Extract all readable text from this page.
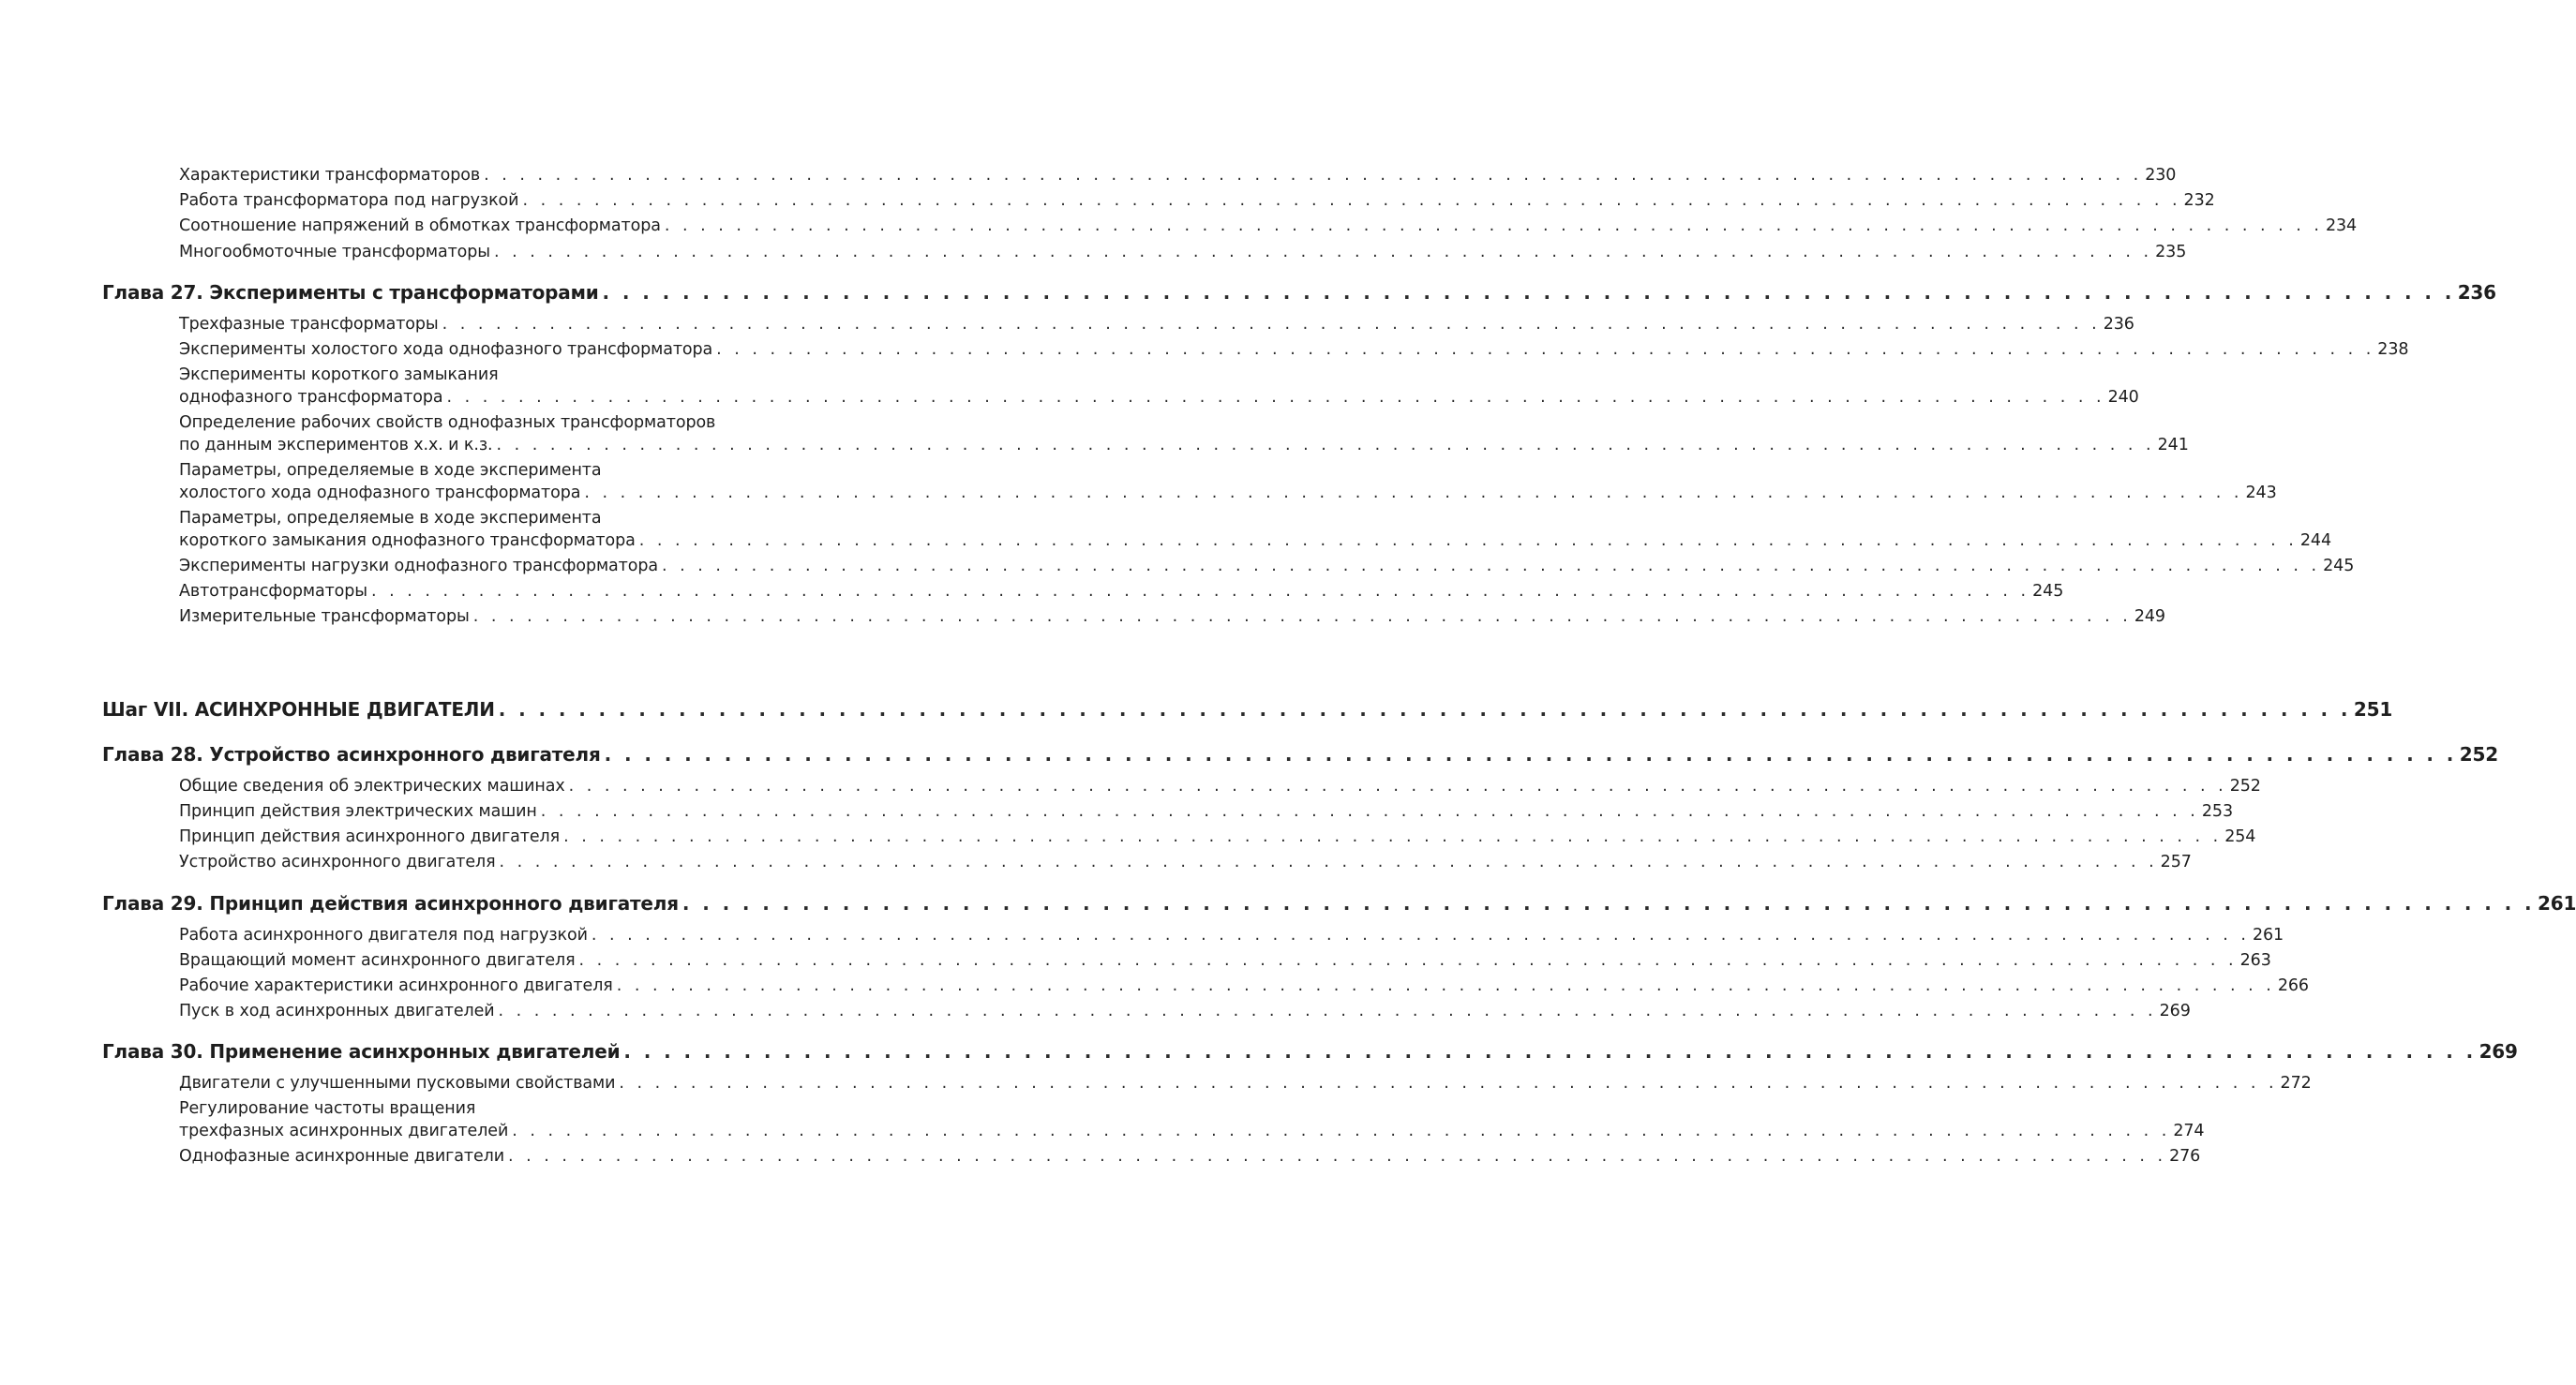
Характеристики трансформаторов . . . . . . . . . . . . . . . . . . . . . . . . . . . . . . . . . . . . . . . . . . . . . . . . . . . . . . . . . . . . . . . . . . . . . . . . . . . . . . . . . . . . . . . . . . . . . 230
Работа трансформатора под нагрузкой . . . . . . . . . . . . . . . . . . . . . . . . . . . . . . . . . . . . . . . . . . . . . . . . . . . . . . . . . . . . . . . . . . . . . . . . . . . . . . . . . . . . . . . . . . . . . 232
Соотношение напряжений в обмотках трансформатора . . . . . . . . . . . . . . . . . . . . . . . . . . . . . . . . . . . . . . . . . . . . . . . . . . . . . . . . . . . . . . . . . . . . . . . . . . . . . . . . . . . . . . . . . . . . . 234
Многообмоточные трансформаторы . . . . . . . . . . . . . . . . . . . . . . . . . . . . . . . . . . . . . . . . . . . . . . . . . . . . . . . . . . . . . . . . . . . . . . . . . . . . . . . . . . . . . . . . . . . . . 235
Глава 27. Эксперименты с трансформаторами . . . . . . . . . . . . . . . . . . . . . . . . . . . . . . . . . . . . . . . . . . . . . . . . . . . . . . . . . . . . . . . . . . . . . . . . . . . . . . . . . . . . . . . . . . . . . 236
Трехфазные трансформаторы . . . . . . . . . . . . . . . . . . . . . . . . . . . . . . . . . . . . . . . . . . . . . . . . . . . . . . . . . . . . . . . . . . . . . . . . . . . . . . . . . . . . . . . . . . . . . 236
Эксперименты холостого хода однофазного трансформатора . . . . . . . . . . . . . . . . . . . . . . . . . . . . . . . . . . . . . . . . . . . . . . . . . . . . . . . . . . . . . . . . . . . . . . . . . . . . . . . . . . . . . . . . . . . . . 238
Эксперименты короткого замыкания
однофазного трансформатора . . . . . . . . . . . . . . . . . . . . . . . . . . . . . . . . . . . . . . . . . . . . . . . . . . . . . . . . . . . . . . . . . . . . . . . . . . . . . . . . . . . . . . . . . . . . . 240
Определение рабочих свойств однофазных трансформаторов
по данным экспериментов х.х. и к.з. . . . . . . . . . . . . . . . . . . . . . . . . . . . . . . . . . . . . . . . . . . . . . . . . . . . . . . . . . . . . . . . . . . . . . . . . . . . . . . . . . . . . . . . . . . . . . 241
Параметры, определяемые в ходе эксперимента
холостого хода однофазного трансформатора . . . . . . . . . . . . . . . . . . . . . . . . . . . . . . . . . . . . . . . . . . . . . . . . . . . . . . . . . . . . . . . . . . . . . . . . . . . . . . . . . . . . . . . . . . . . . 243
Параметры, определяемые в ходе эксперимента
короткого замыкания однофазного трансформатора . . . . . . . . . . . . . . . . . . . . . . . . . . . . . . . . . . . . . . . . . . . . . . . . . . . . . . . . . . . . . . . . . . . . . . . . . . . . . . . . . . . . . . . . . . . . . 244
Эксперименты нагрузки однофазного трансформатора . . . . . . . . . . . . . . . . . . . . . . . . . . . . . . . . . . . . . . . . . . . . . . . . . . . . . . . . . . . . . . . . . . . . . . . . . . . . . . . . . . . . . . . . . . . . . 245
Автотрансформаторы . . . . . . . . . . . . . . . . . . . . . . . . . . . . . . . . . . . . . . . . . . . . . . . . . . . . . . . . . . . . . . . . . . . . . . . . . . . . . . . . . . . . . . . . . . . . . 245
Измерительные трансформаторы . . . . . . . . . . . . . . . . . . . . . . . . . . . . . . . . . . . . . . . . . . . . . . . . . . . . . . . . . . . . . . . . . . . . . . . . . . . . . . . . . . . . . . . . . . . . . 249
Шаг VII. АСИНХРОННЫЕ ДВИГАТЕЛИ . . . . . . . . . . . . . . . . . . . . . . . . . . . . . . . . . . . . . . . . . . . . . . . . . . . . . . . . . . . . . . . . . . . . . . . . . . . . . . . . . . . . . . . . . . . . . 251
Глава 28. Устройство асинхронного двигателя . . . . . . . . . . . . . . . . . . . . . . . . . . . . . . . . . . . . . . . . . . . . . . . . . . . . . . . . . . . . . . . . . . . . . . . . . . . . . . . . . . . . . . . . . . . . . 252
Общие сведения об электрических машинах . . . . . . . . . . . . . . . . . . . . . . . . . . . . . . . . . . . . . . . . . . . . . . . . . . . . . . . . . . . . . . . . . . . . . . . . . . . . . . . . . . . . . . . . . . . . . 252
Принцип действия электрических машин . . . . . . . . . . . . . . . . . . . . . . . . . . . . . . . . . . . . . . . . . . . . . . . . . . . . . . . . . . . . . . . . . . . . . . . . . . . . . . . . . . . . . . . . . . . . . 253
Принцип действия асинхронного двигателя . . . . . . . . . . . . . . . . . . . . . . . . . . . . . . . . . . . . . . . . . . . . . . . . . . . . . . . . . . . . . . . . . . . . . . . . . . . . . . . . . . . . . . . . . . . . . 254
Устройство асинхронного двигателя . . . . . . . . . . . . . . . . . . . . . . . . . . . . . . . . . . . . . . . . . . . . . . . . . . . . . . . . . . . . . . . . . . . . . . . . . . . . . . . . . . . . . . . . . . . . . 257
Глава 29. Принцип действия асинхронного двигателя . . . . . . . . . . . . . . . . . . . . . . . . . . . . . . . . . . . . . . . . . . . . . . . . . . . . . . . . . . . . . . . . . . . . . . . . . . . . . . . . . . . . . . . . . . . . . 261
Работа асинхронного двигателя под нагрузкой . . . . . . . . . . . . . . . . . . . . . . . . . . . . . . . . . . . . . . . . . . . . . . . . . . . . . . . . . . . . . . . . . . . . . . . . . . . . . . . . . . . . . . . . . . . . . 261
Вращающий момент асинхронного двигателя . . . . . . . . . . . . . . . . . . . . . . . . . . . . . . . . . . . . . . . . . . . . . . . . . . . . . . . . . . . . . . . . . . . . . . . . . . . . . . . . . . . . . . . . . . . . . 263
Рабочие характеристики асинхронного двигателя . . . . . . . . . . . . . . . . . . . . . . . . . . . . . . . . . . . . . . . . . . . . . . . . . . . . . . . . . . . . . . . . . . . . . . . . . . . . . . . . . . . . . . . . . . . . . 266
Пуск в ход асинхронных двигателей . . . . . . . . . . . . . . . . . . . . . . . . . . . . . . . . . . . . . . . . . . . . . . . . . . . . . . . . . . . . . . . . . . . . . . . . . . . . . . . . . . . . . . . . . . . . . 269
Глава 30. Применение асинхронных двигателей . . . . . . . . . . . . . . . . . . . . . . . . . . . . . . . . . . . . . . . . . . . . . . . . . . . . . . . . . . . . . . . . . . . . . . . . . . . . . . . . . . . . . . . . . . . . . 269
Двигатели с улучшенными пусковыми свойствами . . . . . . . . . . . . . . . . . . . . . . . . . . . . . . . . . . . . . . . . . . . . . . . . . . . . . . . . . . . . . . . . . . . . . . . . . . . . . . . . . . . . . . . . . . . . . 272
Регулирование частоты вращения
трехфазных асинхронных двигателей . . . . . . . . . . . . . . . . . . . . . . . . . . . . . . . . . . . . . . . . . . . . . . . . . . . . . . . . . . . . . . . . . . . . . . . . . . . . . . . . . . . . . . . . . . . . . 274
Однофазные асинхронные двигатели . . . . . . . . . . . . . . . . . . . . . . . . . . . . . . . . . . . . . . . . . . . . . . . . . . . . . . . . . . . . . . . . . . . . . . . . . . . . . . . . . . . . . . . . . . . . . 276
